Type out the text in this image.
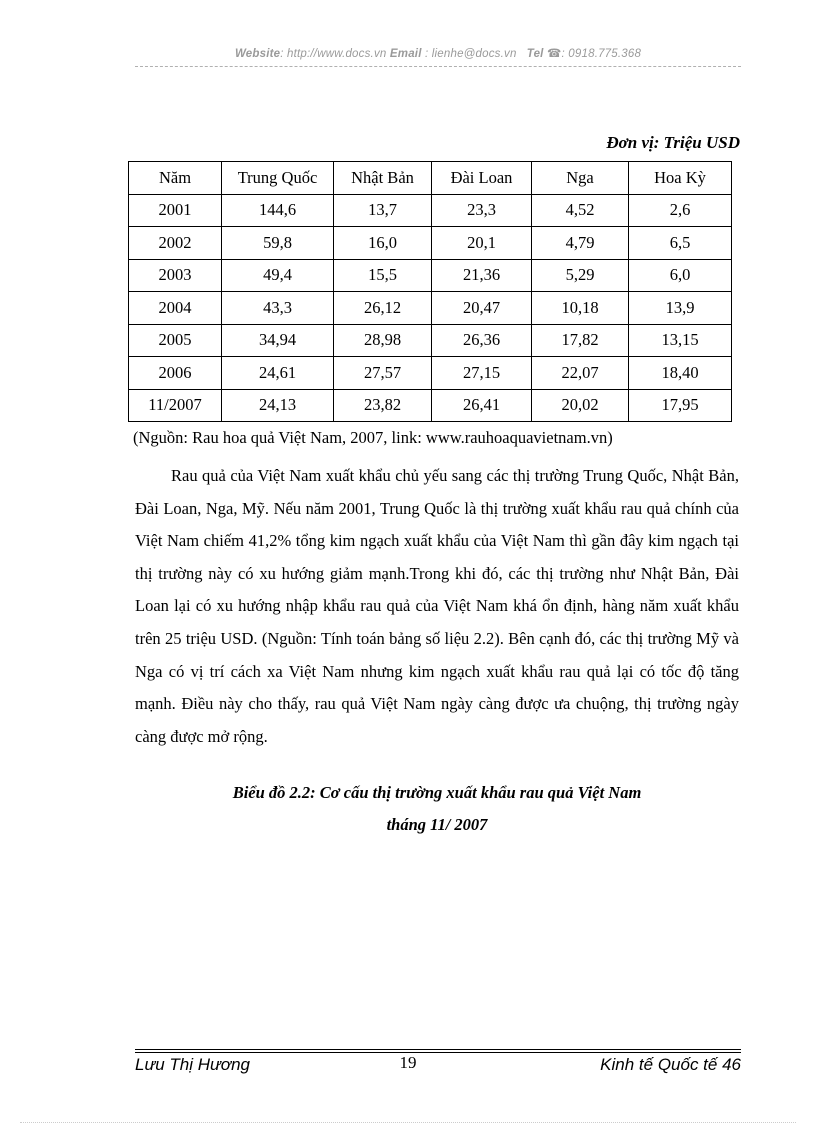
Website: http://www.docs.vn Email : lienhe@docs.vn Tel ☎: 0918.775.368
Đơn vị: Triệu USD
Năm	Trung Quốc	Nhật Bản	Đài Loan	Nga	Hoa Kỳ
2001	144,6	13,7	23,3	4,52	2,6
2002	59,8	16,0	20,1	4,79	6,5
2003	49,4	15,5	21,36	5,29	6,0
2004	43,3	26,12	20,47	10,18	13,9
2005	34,94	28,98	26,36	17,82	13,15
2006	24,61	27,57	27,15	22,07	18,40
11/2007	24,13	23,82	26,41	20,02	17,95
(Nguồn: Rau hoa quả Việt Nam, 2007, link: www.rauhoaquavietnam.vn)

Rau quả của Việt Nam xuất khẩu chủ yếu sang các thị trường Trung Quốc, Nhật Bản, Đài Loan, Nga, Mỹ. Nếu năm 2001, Trung Quốc là thị trường xuất khẩu rau quả chính của Việt Nam chiếm 41,2% tổng kim ngạch xuất khẩu của Việt Nam thì gần đây kim ngạch tại thị trường này có xu hướng giảm mạnh.Trong khi đó, các thị trường như Nhật Bản, Đài Loan lại có xu hướng nhập khẩu rau quả của Việt Nam khá ổn định, hàng năm xuất khẩu trên 25 triệu USD. (Nguồn: Tính toán bảng số liệu 2.2). Bên cạnh đó, các thị trường Mỹ và Nga có vị trí cách xa Việt Nam nhưng kim ngạch xuất khẩu rau quả lại có tốc độ tăng mạnh. Điều này cho thấy, rau quả Việt Nam ngày càng được ưa chuộng, thị trường ngày càng được mở rộng.

Biểu đồ 2.2: Cơ cấu thị trường xuất khẩu rau quả Việt Nam
tháng 11/ 2007
Lưu Thị Hương	19	Kinh tế Quốc tế 46
